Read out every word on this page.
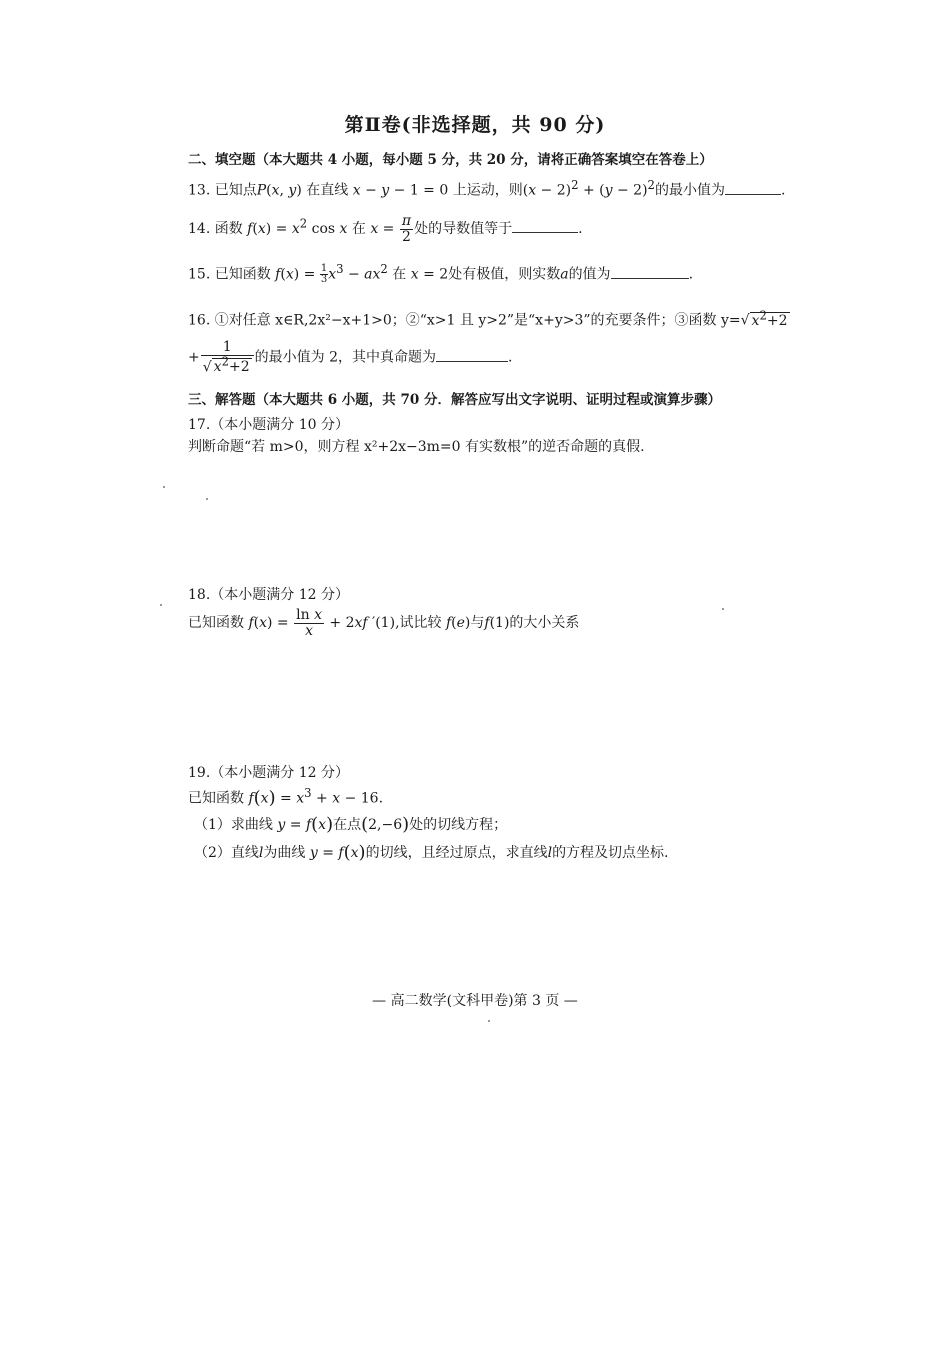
第Ⅱ卷(非选择题，共 90 分)
二、填空题（本大题共 4 小题，每小题 5 分，共 20 分，请将正确答案填空在答卷上）
13. 已知点P(x, y) 在直线 x − y − 1 = 0 上运动，则$(x - 2)^2 + (y - 2)^2$的最小值为	.
14. 函数 $f(x) = x^2$ cos x 在 $x = \frac{\pi}{2}$ 处的导数值等于	.
15. 已知函数 $f(x) = \frac{1}{3}x^3 - ax^2$ 在 x = 2处有极值，则实数a的值为	.
16. ①对任意 x∈R,2x²−x+1>0；②“x>1 且 y>2”是“x+y>3”的充要条件；③函数 y=√ $x^2+2$
+ $\frac{1}{√ x^2+2}$ 的最小值为 2，其中真命题为	.
三、解答题（本大题共 6 小题，共 70 分．解答应写出文字说明、证明过程或演算步骤）
17.（本小题满分 10 分）
判断命题“若 m>0，则方程 x²+2x−3m=0 有实数根”的逆否命题的真假.
18.（本小题满分 12 分）
已知函数 $f(x) = \frac{\text{ln x}}{x} + 2xf$ ′(1),试比较 f(e)与f(1)的大小关系
19.（本小题满分 12 分）
已知函数 $f(x) = x^3 + x - 16$.
（1）求曲线 y = f(x)在点(2,−6)处的切线方程；
（2）直线l为曲线 y = f(x)的切线，且经过原点，求直线l的方程及切点坐标.
— 高二数学(文科甲卷)第 3 页 —
